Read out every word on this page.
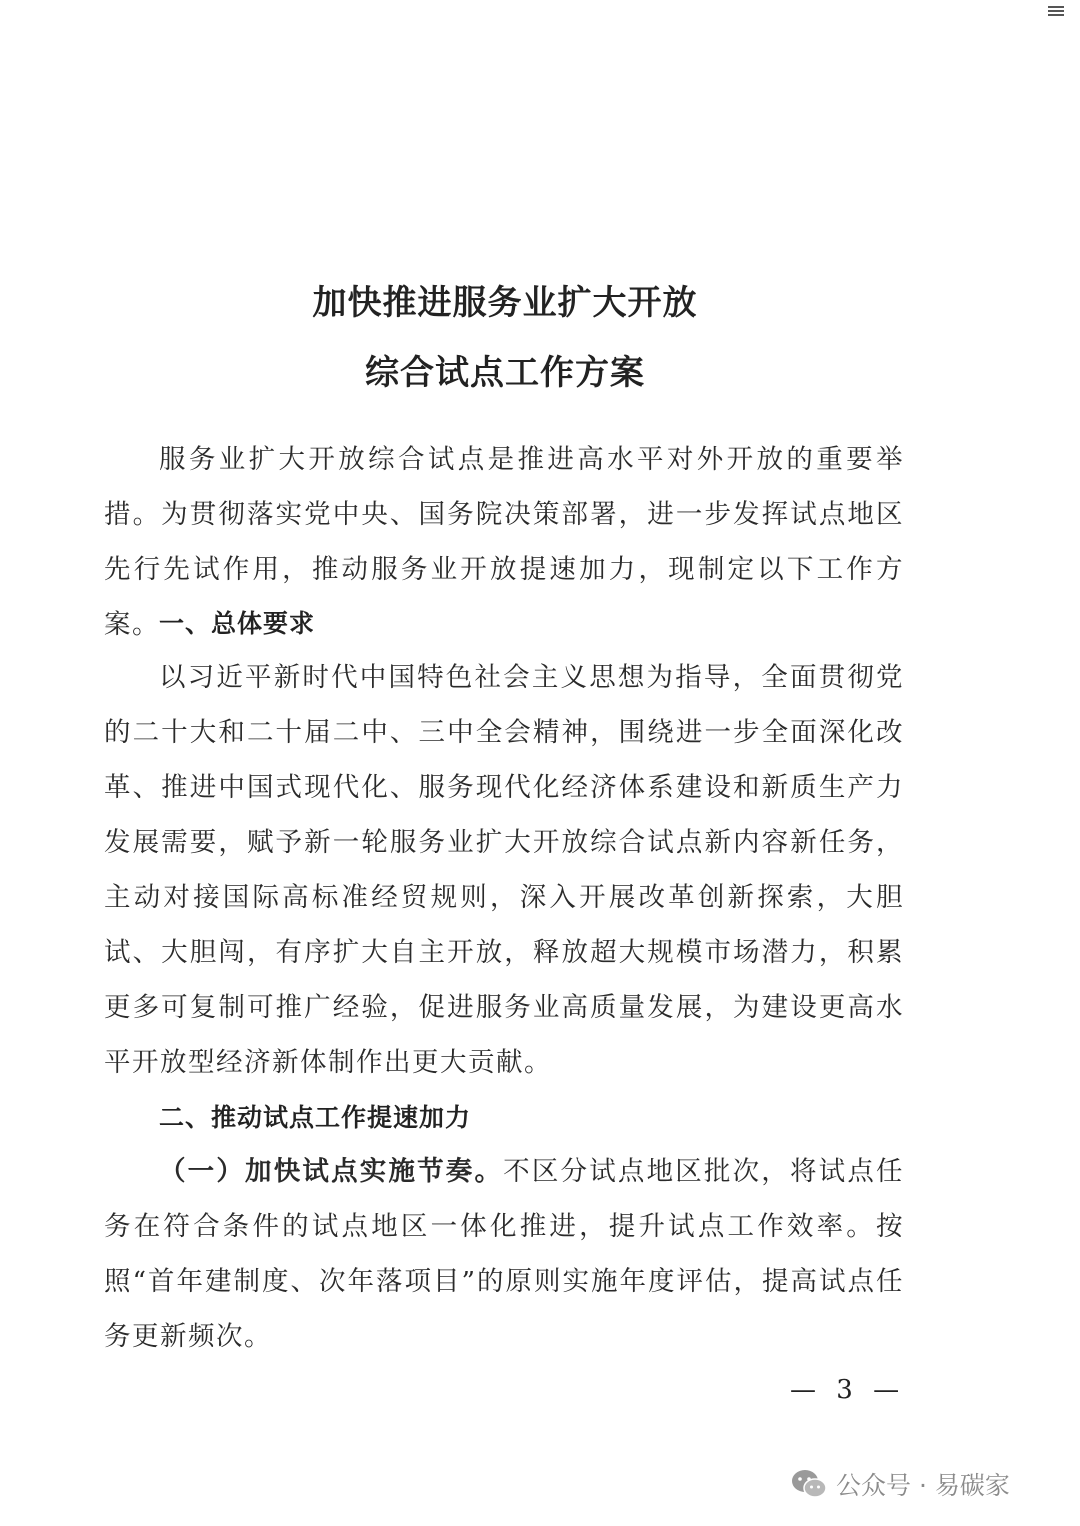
加快推进服务业扩大开放
综合试点工作方案

服务业扩大开放综合试点是推进高水平对外开放的重要举措。为贯彻落实党中央、国务院决策部署，进一步发挥试点地区先行先试作用，推动服务业开放提速加力，现制定以下工作方案。 一、总体要求

以习近平新时代中国特色社会主义思想为指导，全面贯彻党的二十大和二十届二中、三中全会精神，围绕进一步全面深化改革、推进中国式现代化、服务现代化经济体系建设和新质生产力发展需要，赋予新一轮服务业扩大开放综合试点新内容新任务，主动对接国际高标准经贸规则，深入开展改革创新探索，大胆试、大胆闯，有序扩大自主开放，释放超大规模市场潜力，积累更多可复制可推广经验，促进服务业高质量发展，为建设更高水平开放型经济新体制作出更大贡献。

二、推动试点工作提速加力

（一）加快试点实施节奏。不区分试点地区批次，将试点任务在符合条件的试点地区一体化推进，提升试点工作效率。按照“首年建制度、次年落项目”的原则实施年度评估，提高试点任务更新频次。

— 3 —
公众号 · 易碳家
